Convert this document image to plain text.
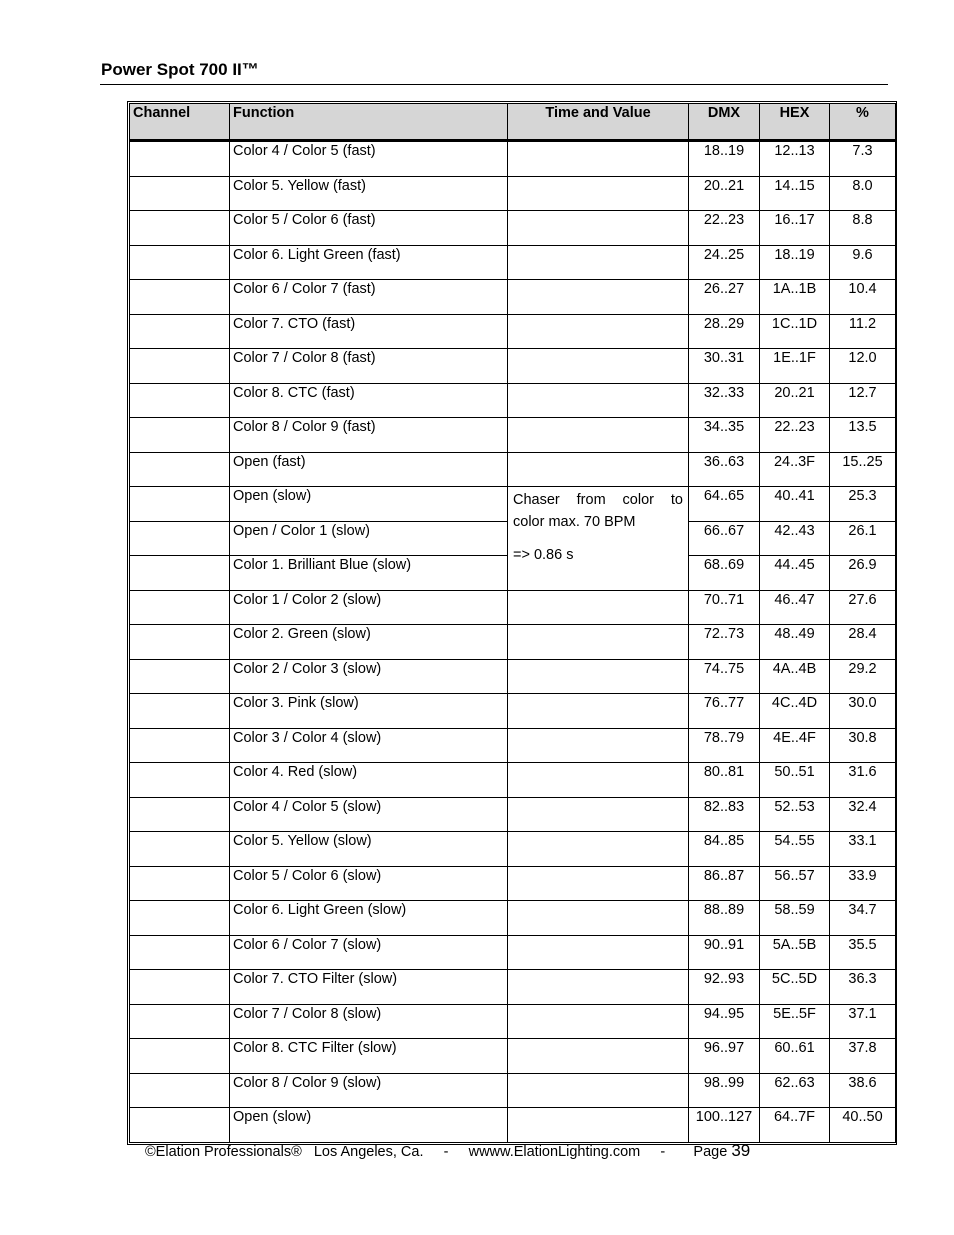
Power Spot 700 II™
Channel	Function	Time and Value	DMX	HEX	%
	Color 4 / Color 5 (fast)		18..19	12..13	7.3
	Color 5. Yellow (fast)		20..21	14..15	8.0
	Color 5 / Color 6 (fast)		22..23	16..17	8.8
	Color 6. Light Green (fast)		24..25	18..19	9.6
	Color 6 / Color 7 (fast)		26..27	1A..1B	10.4
	Color 7. CTO (fast)		28..29	1C..1D	11.2
	Color 7 / Color 8 (fast)		30..31	1E..1F	12.0
	Color 8. CTC (fast)		32..33	20..21	12.7
	Color 8 / Color 9 (fast)		34..35	22..23	13.5
	Open (fast)		36..63	24..3F	15..25
	Open (slow)	Chaser from color to
color max. 70 BPM
=> 0.86 s	64..65	40..41	25.3
	Open / Color 1 (slow)		66..67	42..43	26.1
	Color 1. Brilliant Blue (slow)		68..69	44..45	26.9
	Color 1 / Color 2 (slow)		70..71	46..47	27.6
	Color 2. Green (slow)		72..73	48..49	28.4
	Color 2 / Color 3 (slow)		74..75	4A..4B	29.2
	Color 3. Pink (slow)		76..77	4C..4D	30.0
	Color 3 / Color 4 (slow)		78..79	4E..4F	30.8
	Color 4. Red (slow)		80..81	50..51	31.6
	Color 4 / Color 5 (slow)		82..83	52..53	32.4
	Color 5. Yellow (slow)		84..85	54..55	33.1
	Color 5 / Color 6 (slow)		86..87	56..57	33.9
	Color 6. Light Green (slow)		88..89	58..59	34.7
	Color 6 / Color 7 (slow)		90..91	5A..5B	35.5
	Color 7. CTO Filter (slow)		92..93	5C..5D	36.3
	Color 7 / Color 8 (slow)		94..95	5E..5F	37.1
	Color 8. CTC Filter (slow)		96..97	60..61	37.8
	Color 8 / Color 9 (slow)		98..99	62..63	38.6
	Open (slow)		100..127	64..7F	40..50
©Elation Professionals®   Los Angeles, Ca.     -     wwww.ElationLighting.com     -       Page 39
